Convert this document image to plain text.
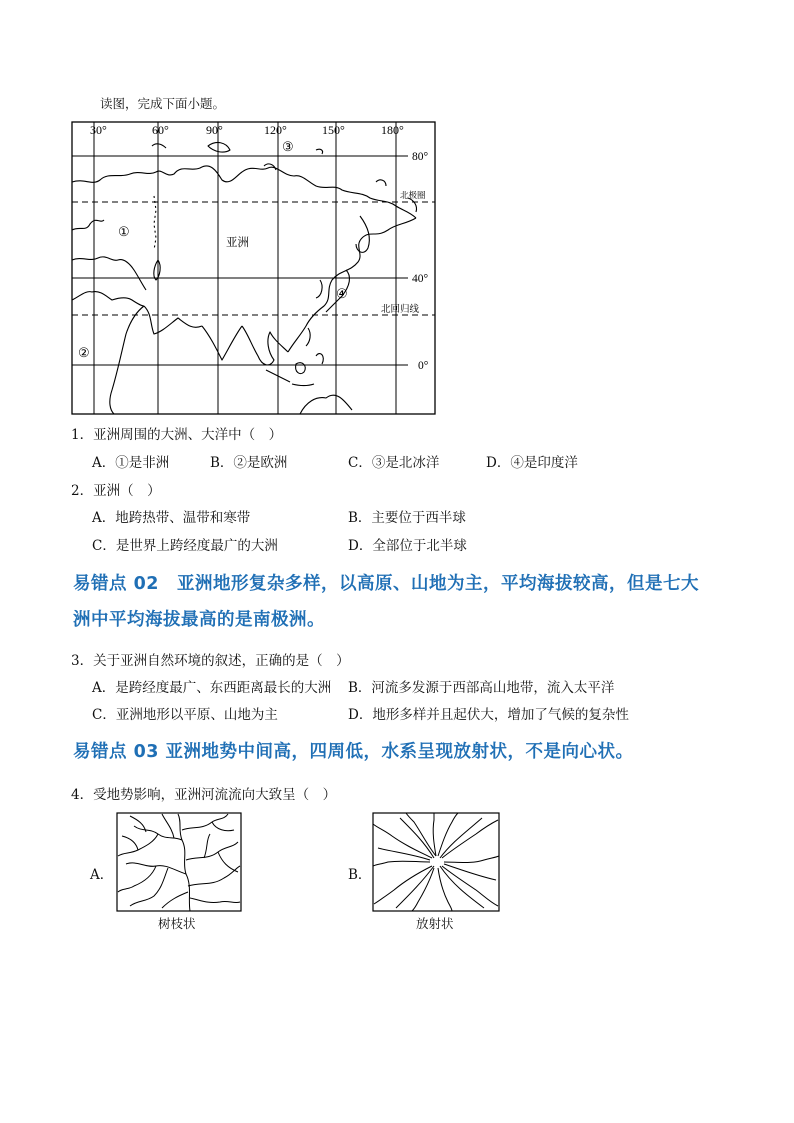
读图，完成下面小题。
30°	60°	90°	120°	150°	180°
80°
40°
0°
北极圈
北回归线
亚洲
①
②
③
④
1．亚洲周围的大洲、大洋中（　）
A．①是非洲	B．②是欧洲	C．③是北冰洋	D．④是印度洋
2．亚洲（　）
A．地跨热带、温带和寒带	B．主要位于西半球
C．是世界上跨经度最广的大洲	D．全部位于北半球
易错点 02　亚洲地形复杂多样，以高原、山地为主，平均海拔较高，但是七大
洲中平均海拔最高的是南极洲。
3．关于亚洲自然环境的叙述，正确的是（　）
A．是跨经度最广、东西距离最长的大洲 B．河流多发源于西部高山地带，流入太平洋
C．亚洲地形以平原、山地为主	D．地形多样并且起伏大，增加了气候的复杂性
易错点 03 亚洲地势中间高，四周低，水系呈现放射状，不是向心状。
4．受地势影响，亚洲河流流向大致呈（　）
A．
树枝状
B．
放射状
